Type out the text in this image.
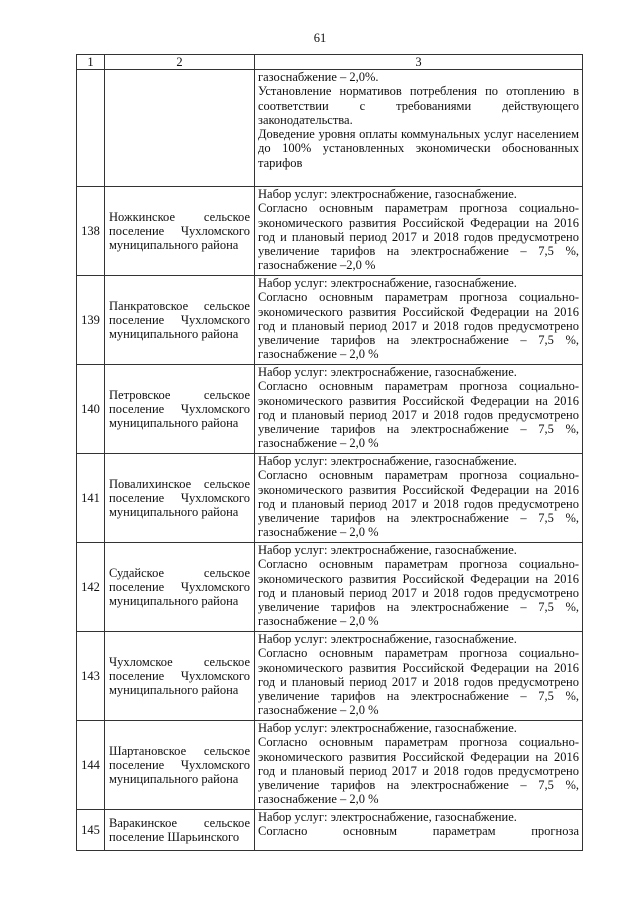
61
1	2	3

		газоснабжение – 2,0%.
Установление нормативов потребления по отоплению в соответствии с требованиями действующего законодательства.
Доведение уровня оплаты коммунальных услуг населением до 100% установленных экономически обоснованных тарифов

138	Ножкинское сельское поселение Чухломского муниципального района	Набор услуг: электроснабжение, газоснабжение.
Согласно основным параметрам прогноза социально-экономического развития Российской Федерации на 2016 год и плановый период 2017 и 2018 годов предусмотрено увеличение тарифов на электроснабжение – 7,5 %, газоснабжение –2,0 %

139	Панкратовское сельское поселение Чухломского муниципального района	Набор услуг: электроснабжение, газоснабжение.
Согласно основным параметрам прогноза социально-экономического развития Российской Федерации на 2016 год и плановый период 2017 и 2018 годов предусмотрено увеличение тарифов на электроснабжение – 7,5 %, газоснабжение – 2,0 %

140	Петровское сельское поселение Чухломского муниципального района	Набор услуг: электроснабжение, газоснабжение.
Согласно основным параметрам прогноза социально-экономического развития Российской Федерации на 2016 год и плановый период 2017 и 2018 годов предусмотрено увеличение тарифов на электроснабжение – 7,5 %, газоснабжение – 2,0 %

141	Повалихинское сельское поселение Чухломского муниципального района	Набор услуг: электроснабжение, газоснабжение.
Согласно основным параметрам прогноза социально-экономического развития Российской Федерации на 2016 год и плановый период 2017 и 2018 годов предусмотрено увеличение тарифов на электроснабжение – 7,5 %, газоснабжение – 2,0 %

142	Судайское сельское поселение Чухломского муниципального района	Набор услуг: электроснабжение, газоснабжение.
Согласно основным параметрам прогноза социально-экономического развития Российской Федерации на 2016 год и плановый период 2017 и 2018 годов предусмотрено увеличение тарифов на электроснабжение – 7,5 %, газоснабжение – 2,0 %

143	Чухломское сельское поселение Чухломского муниципального района	Набор услуг: электроснабжение, газоснабжение.
Согласно основным параметрам прогноза социально-экономического развития Российской Федерации на 2016 год и плановый период 2017 и 2018 годов предусмотрено увеличение тарифов на электроснабжение – 7,5 %, газоснабжение – 2,0 %

144	Шартановское сельское поселение Чухломского муниципального района	Набор услуг: электроснабжение, газоснабжение.
Согласно основным параметрам прогноза социально-экономического развития Российской Федерации на 2016 год и плановый период 2017 и 2018 годов предусмотрено увеличение тарифов на электроснабжение – 7,5 %, газоснабжение – 2,0 %

145	Варакинское сельское поселение Шарьинского	Набор услуг: электроснабжение, газоснабжение.
Согласно основным параметрам прогноза
